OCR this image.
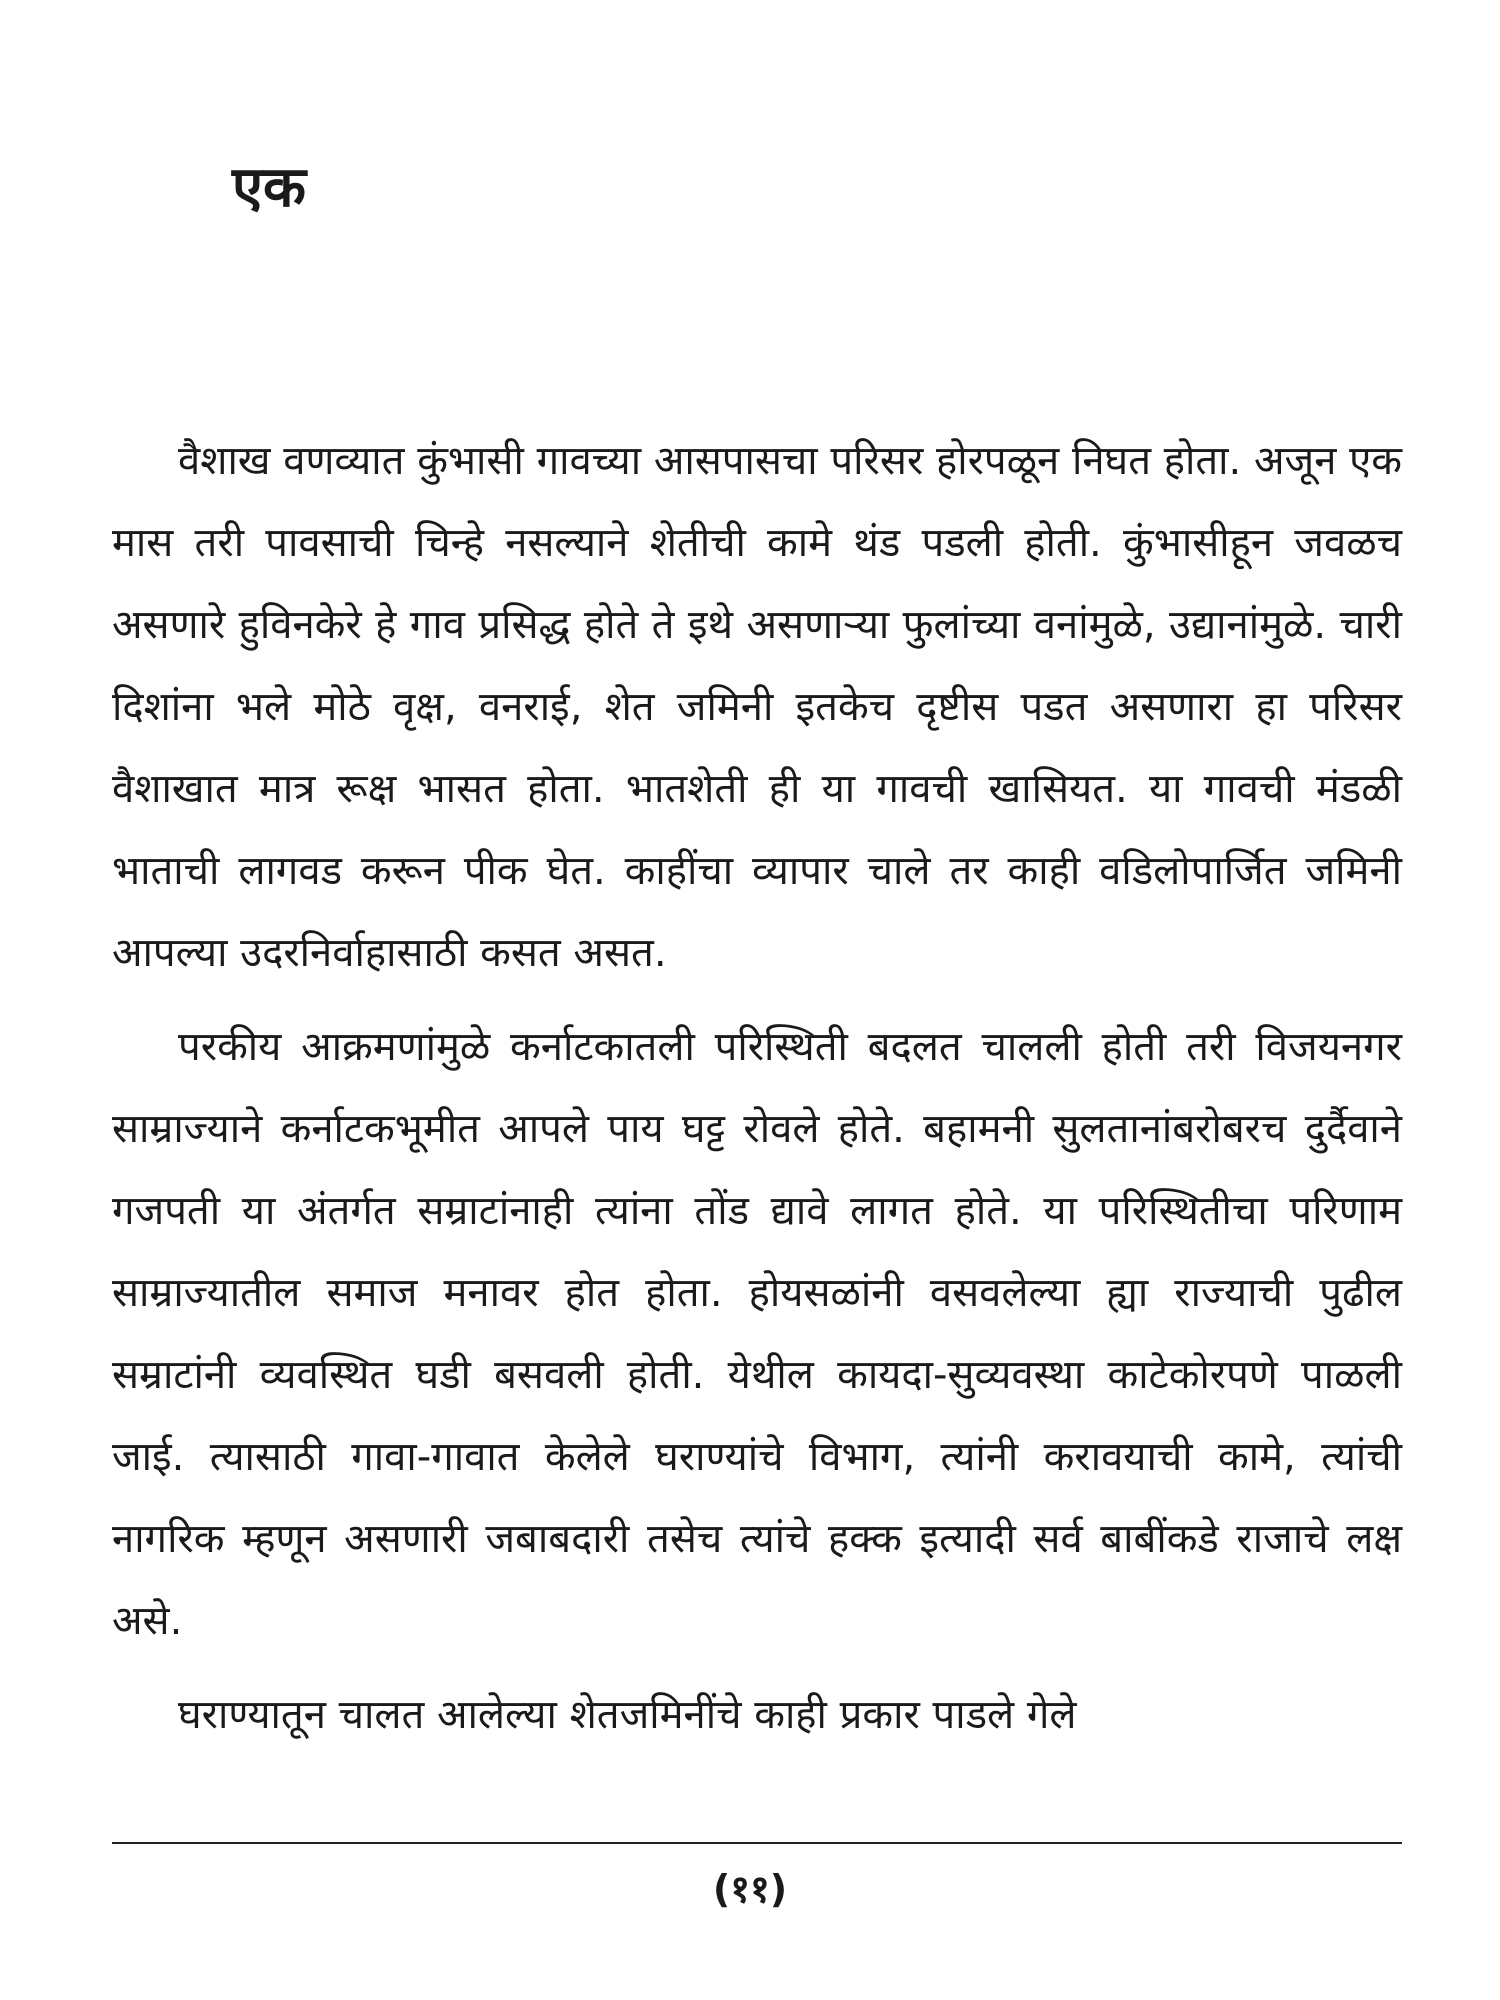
एक

वैशाख वणव्यात कुंभासी गावच्या आसपासचा परिसर होरपळून निघत होता. अजून एक मास तरी पावसाची चिन्हे नसल्याने शेतीची कामे थंड पडली होती. कुंभासीहून जवळच असणारे हुविनकेरे हे गाव प्रसिद्ध होते ते इथे असणाऱ्या फुलांच्या वनांमुळे, उद्यानांमुळे. चारी दिशांना भले मोठे वृक्ष, वनराई, शेत जमिनी इतकेच दृष्टीस पडत असणारा हा परिसर वैशाखात मात्र रूक्ष भासत होता. भातशेती ही या गावची खासियत. या गावची मंडळी भाताची लागवड करून पीक घेत. काहींचा व्यापार चाले तर काही वडिलोपार्जित जमिनी आपल्या उदरनिर्वाहासाठी कसत असत.

परकीय आक्रमणांमुळे कर्नाटकातली परिस्थिती बदलत चालली होती तरी विजयनगर साम्राज्याने कर्नाटकभूमीत आपले पाय घट्ट रोवले होते. बहामनी सुलतानांबरोबरच दुर्दैवाने गजपती या अंतर्गत सम्राटांनाही त्यांना तोंड द्यावे लागत होते. या परिस्थितीचा परिणाम साम्राज्यातील समाज मनावर होत होता. होयसळांनी वसवलेल्या ह्या राज्याची पुढील सम्राटांनी व्यवस्थित घडी बसवली होती. येथील कायदा-सुव्यवस्था काटेकोरपणे पाळली जाई. त्यासाठी गावा-गावात केलेले घराण्यांचे विभाग, त्यांनी करावयाची कामे, त्यांची नागरिक म्हणून असणारी जबाबदारी तसेच त्यांचे हक्क इत्यादी सर्व बाबींकडे राजाचे लक्ष असे.

घराण्यातून चालत आलेल्या शेतजमिनींचे काही प्रकार पाडले गेले

(११)
